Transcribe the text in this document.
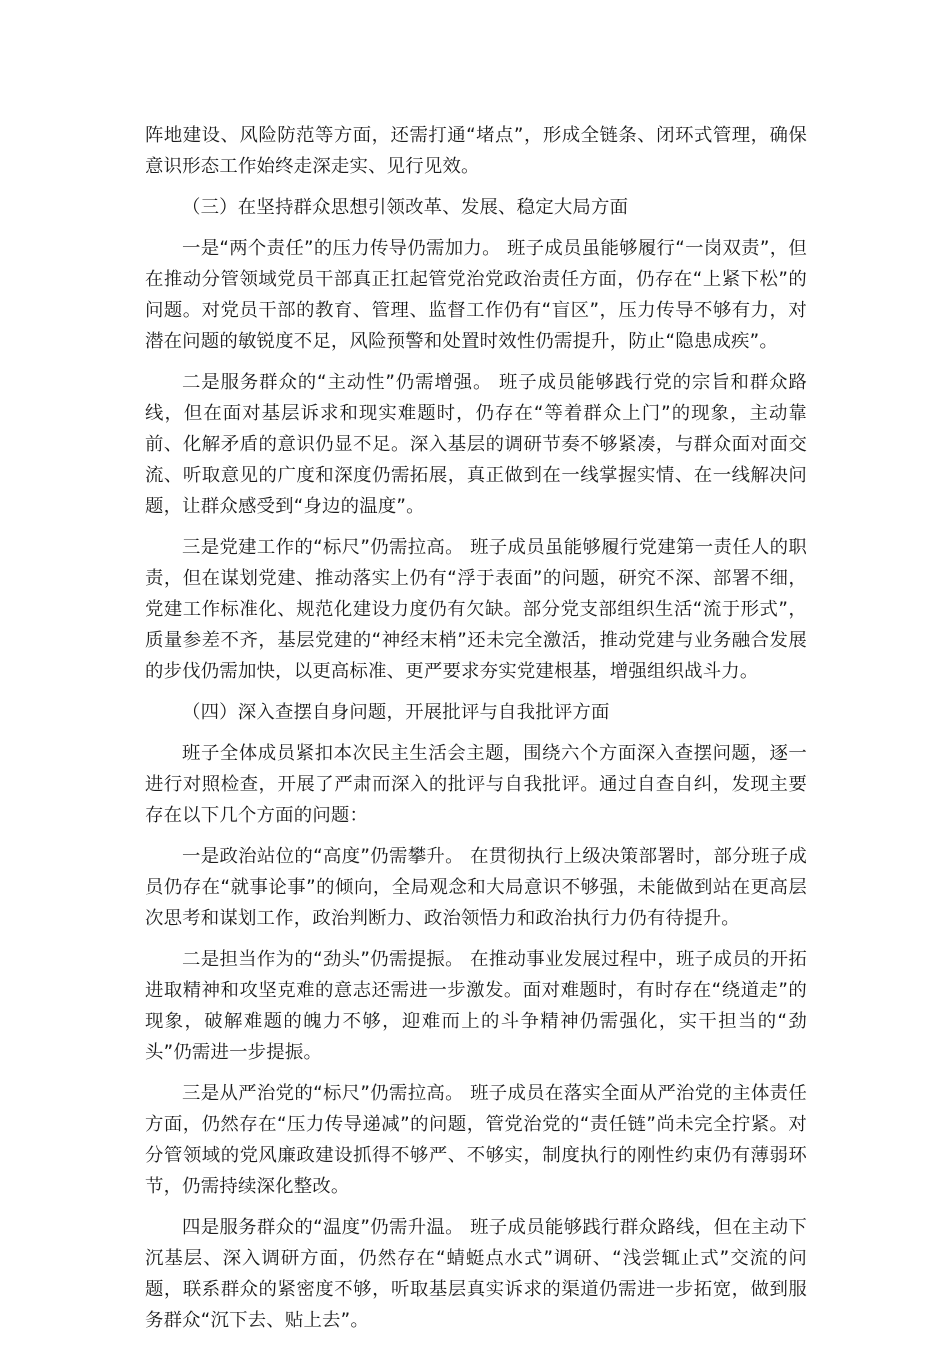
阵地建设、风险防范等方面，还需打通“堵点”，形成全链条、闭环式管理，确保意识形态工作始终走深走实、见行见效。

（三）在坚持群众思想引领改革、发展、稳定大局方面

一是“两个责任”的压力传导仍需加力。 班子成员虽能够履行“一岗双责”，但在推动分管领域党员干部真正扛起管党治党政治责任方面，仍存在“上紧下松”的问题。对党员干部的教育、管理、监督工作仍有“盲区”，压力传导不够有力，对潜在问题的敏锐度不足，风险预警和处置时效性仍需提升，防止“隐患成疾”。

二是服务群众的“主动性”仍需增强。 班子成员能够践行党的宗旨和群众路线，但在面对基层诉求和现实难题时，仍存在“等着群众上门”的现象，主动靠前、化解矛盾的意识仍显不足。深入基层的调研节奏不够紧凑，与群众面对面交流、听取意见的广度和深度仍需拓展，真正做到在一线掌握实情、在一线解决问题，让群众感受到“身边的温度”。

三是党建工作的“标尺”仍需拉高。 班子成员虽能够履行党建第一责任人的职责，但在谋划党建、推动落实上仍有“浮于表面”的问题，研究不深、部署不细，党建工作标准化、规范化建设力度仍有欠缺。部分党支部组织生活“流于形式”，质量参差不齐，基层党建的“神经末梢”还未完全激活，推动党建与业务融合发展的步伐仍需加快，以更高标准、更严要求夯实党建根基，增强组织战斗力。

（四）深入查摆自身问题，开展批评与自我批评方面

班子全体成员紧扣本次民主生活会主题，围绕六个方面深入查摆问题，逐一进行对照检查，开展了严肃而深入的批评与自我批评。通过自查自纠，发现主要存在以下几个方面的问题：

一是政治站位的“高度”仍需攀升。 在贯彻执行上级决策部署时，部分班子成员仍存在“就事论事”的倾向，全局观念和大局意识不够强，未能做到站在更高层次思考和谋划工作，政治判断力、政治领悟力和政治执行力仍有待提升。

二是担当作为的“劲头”仍需提振。 在推动事业发展过程中，班子成员的开拓进取精神和攻坚克难的意志还需进一步激发。面对难题时，有时存在“绕道走”的现象，破解难题的魄力不够，迎难而上的斗争精神仍需强化，实干担当的“劲头”仍需进一步提振。

三是从严治党的“标尺”仍需拉高。 班子成员在落实全面从严治党的主体责任方面，仍然存在“压力传导递减”的问题，管党治党的“责任链”尚未完全拧紧。对分管领域的党风廉政建设抓得不够严、不够实，制度执行的刚性约束仍有薄弱环节，仍需持续深化整改。

四是服务群众的“温度”仍需升温。 班子成员能够践行群众路线，但在主动下沉基层、深入调研方面，仍然存在“蜻蜓点水式”调研、“浅尝辄止式”交流的问题，联系群众的紧密度不够，听取基层真实诉求的渠道仍需进一步拓宽，做到服务群众“沉下去、贴上去”。
